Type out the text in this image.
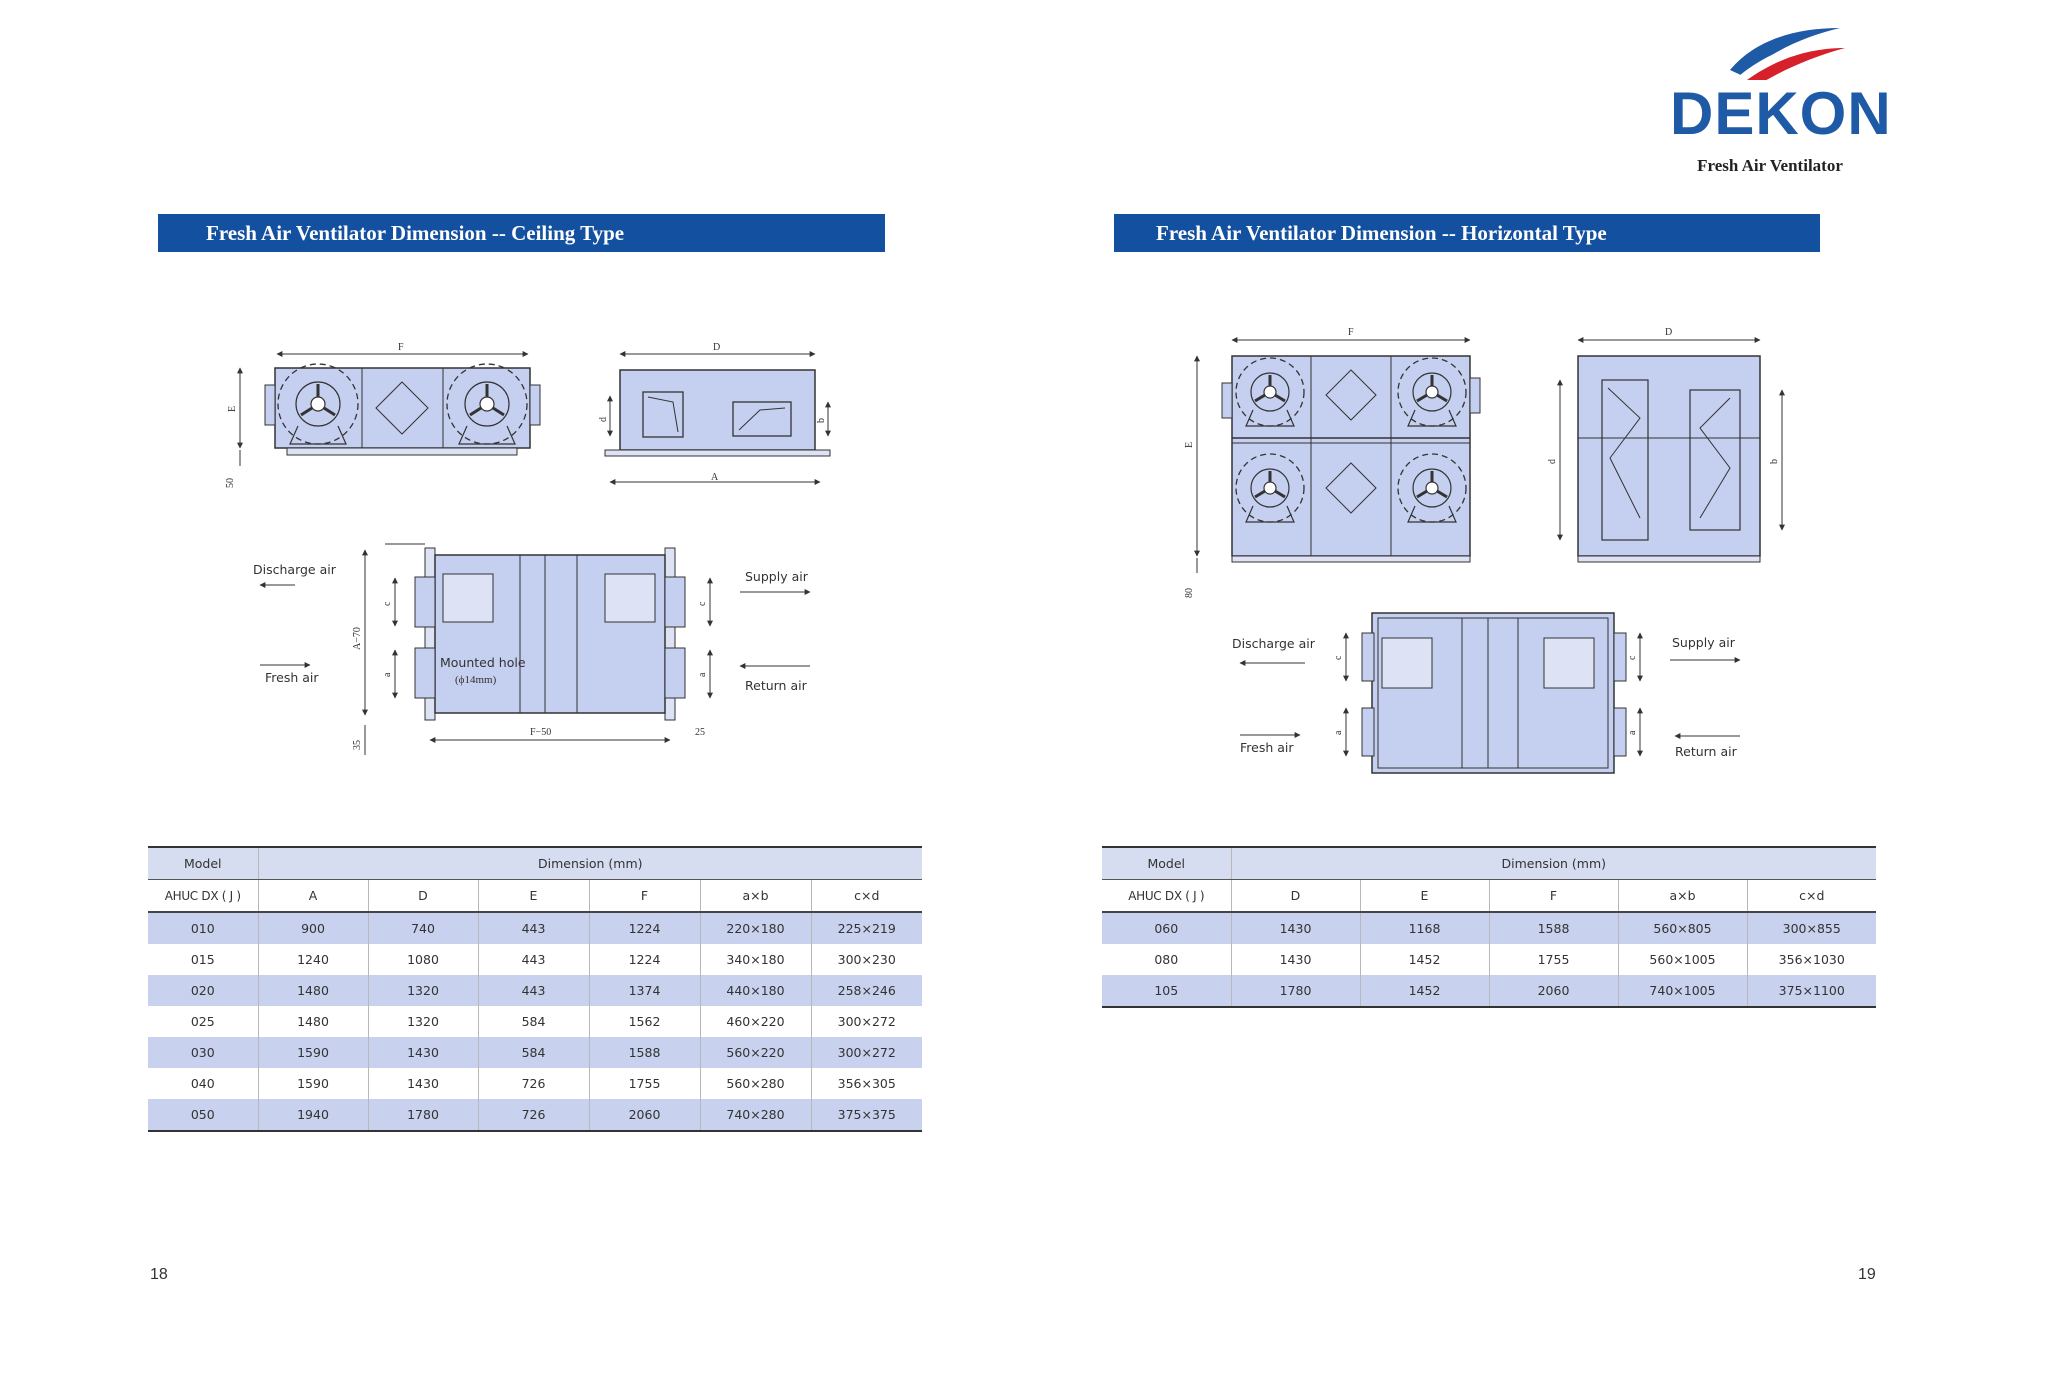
DEKON
Fresh Air Ventilator
Fresh Air Ventilator Dimension -- Ceiling Type	Fresh Air Ventilator Dimension -- Horizontal Type
F
E
50
D
d	b
A
A−70
c
a
c
a
F−50	25
35
Discharge air
Fresh air
Supply air
Return air
Mounted hole
(ϕ14mm)
F
E
80
D
d	b
c
a
c
a
Discharge air
Fresh air
Supply air
Return air
Model	Dimension (mm)					
AHUC DX ( J )	A	D	E	F	a×b	c×d
010	900	740	443	1224	220×180	225×219
015	1240	1080	443	1224	340×180	300×230
020	1480	1320	443	1374	440×180	258×246
025	1480	1320	584	1562	460×220	300×272
030	1590	1430	584	1588	560×220	300×272
040	1590	1430	726	1755	560×280	356×305
050	1940	1780	726	2060	740×280	375×375
Model	Dimension (mm)				
AHUC DX ( J )	D	E	F	a×b	c×d
060	1430	1168	1588	560×805	300×855
080	1430	1452	1755	560×1005	356×1030
105	1780	1452	2060	740×1005	375×1100
18	19
